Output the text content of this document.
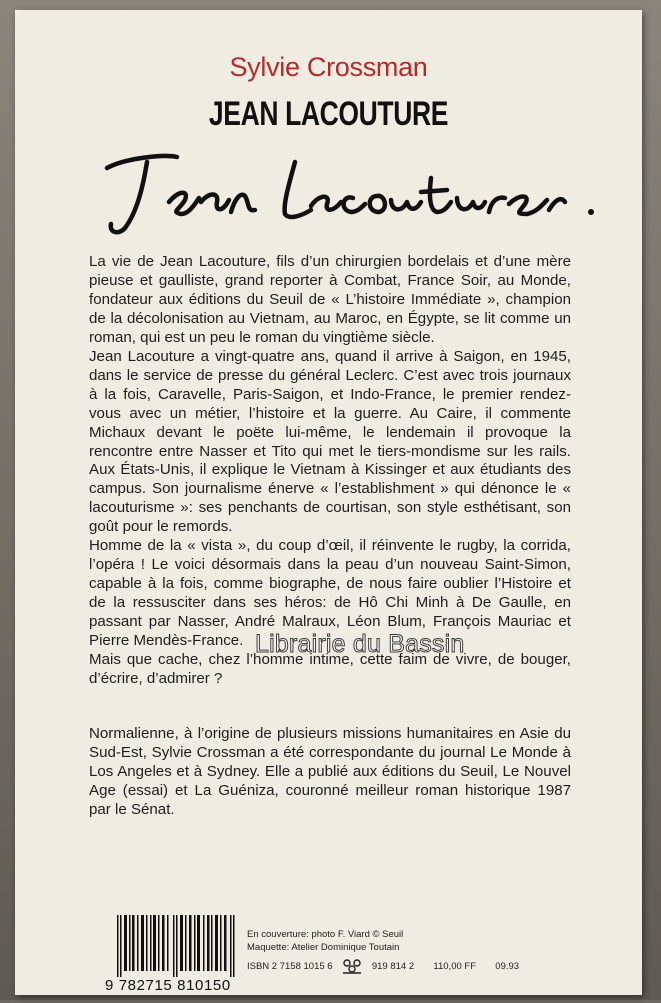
Sylvie Crossman
JEAN LACOUTURE

La vie de Jean Lacouture, fils d’un chirurgien bordelais et d’une mère pieuse et gaulliste, grand reporter à Combat, France Soir, au Monde, fondateur aux éditions du Seuil de « L’histoire Immédiate », champion de la décolonisation au Vietnam, au Maroc, en Égypte, se lit comme un roman, qui est un peu le roman du vingtième siècle.

Jean Lacouture a vingt-quatre ans, quand il arrive à Saigon, en 1945, dans le service de presse du général Leclerc. C’est avec trois journaux à la fois, Caravelle, Paris-Saigon, et Indo-France, le premier rendez-vous avec un métier, l’histoire et la guerre. Au Caire, il commente Michaux devant le poëte lui-même, le lendemain il provoque la rencontre entre Nasser et Tito qui met le tiers-mondisme sur les rails. Aux États-Unis, il explique le Vietnam à Kissinger et aux étudiants des campus. Son journalisme énerve « l’establishment » qui dénonce le « lacouturisme »: ses penchants de courtisan, son style esthétisant, son goût pour le remords.

Homme de la « vista », du coup d’œil, il réinvente le rugby, la corrida, l’opéra ! Le voici désormais dans la peau d’un nouveau Saint-Simon, capable à la fois, comme biographe, de nous faire oublier l’Histoire et de la ressusciter dans ses héros: de Hô Chi Minh à De Gaulle, en passant par Nasser, André Malraux, Léon Blum, François Mauriac et Pierre Mendès-France.

Mais que cache, chez l’homme intime, cette faim de vivre, de bouger, d’écrire, d’admirer ?

Librairie du Bassin
Normalienne, à l’origine de plusieurs missions humanitaires en Asie du Sud-Est, Sylvie Crossman a été correspondante du journal Le Monde à Los Angeles et à Sydney. Elle a publié aux éditions du Seuil, Le Nouvel Age (essai) et La Guéniza, couronné meilleur roman historique 1987 par le Sénat.
9 782715 810150
En couverture: photo F. Viard © Seuil
Maquette: Atelier Dominique Toutain
ISBN 2 7158 1015 6	919 814 2 110,00 FF 09.93
